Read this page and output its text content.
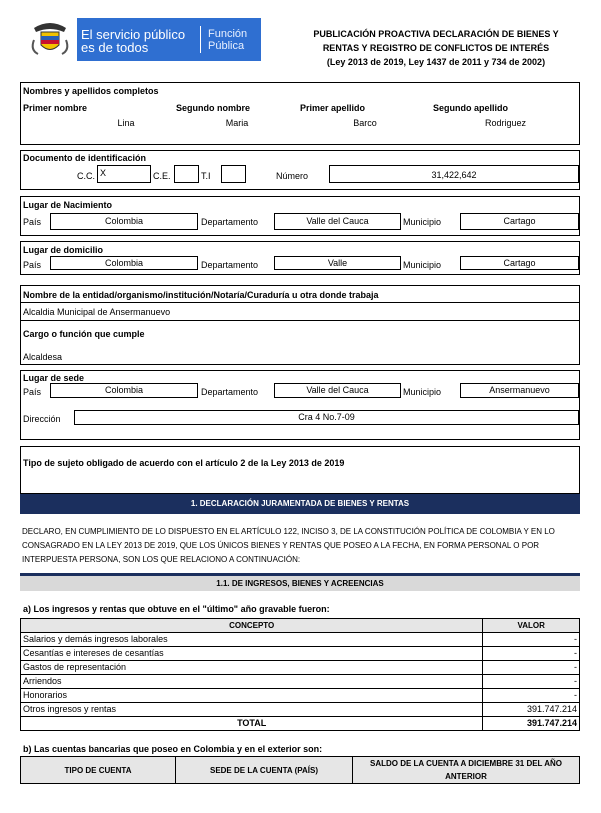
El servicio público
es de todos
Función
Pública
PUBLICACIÓN PROACTIVA DECLARACIÓN DE BIENES Y
RENTAS Y REGISTRO DE CONFLICTOS DE INTERÉS
(Ley 2013 de 2019, Ley 1437 de 2011 y 734 de 2002)
Nombres y apellidos completos
Primer nombre
Lina
Segundo nombre
Maria
Primer apellido
Barco
Segundo apellido
Rodriguez
Documento de identificación
C.C. X	C.E.	T.I	Número	31,422,642
Lugar de Nacimiento
País	Colombia	Departamento	Valle del Cauca	Municipio	Cartago
Lugar de domicilio
País	Colombia	Departamento	Valle	Municipio	Cartago
Nombre de la entidad/organismo/institución/Notaría/Curaduría u otra donde trabaja
Alcaldia Municipal de Ansermanuevo
Cargo o función que cumple
Alcaldesa
Lugar de sede
País	Colombia	Departamento	Valle del Cauca	Municipio	Ansermanuevo
Dirección	Cra 4 No.7-09
Tipo de sujeto obligado de acuerdo con el artículo 2 de la Ley 2013 de 2019
1. DECLARACIÓN JURAMENTADA DE BIENES Y RENTAS
DECLARO, EN CUMPLIMIENTO DE LO DISPUESTO EN EL ARTÍCULO 122, INCISO 3, DE LA CONSTITUCIÓN POLÍTICA DE COLOMBIA Y EN LO
CONSAGRADO EN LA LEY 2013 DE 2019, QUE LOS ÚNICOS BIENES Y RENTAS QUE POSEO A LA FECHA, EN FORMA PERSONAL O POR
INTERPUESTA PERSONA, SON LOS QUE RELACIONO A CONTINUACIÓN:
1.1. DE INGRESOS, BIENES Y ACREENCIAS
a) Los ingresos y rentas que obtuve en el "último" año gravable fueron:
CONCEPTO	VALOR
Salarios y demás ingresos laborales	-
Cesantías e intereses de cesantías	-
Gastos de representación	-
Arriendos	-
Honorarios	-
Otros ingresos y rentas	391.747.214
TOTAL	391.747.214
b) Las cuentas bancarias que poseo en Colombia y en el exterior son:
TIPO DE CUENTA	SEDE DE LA CUENTA (PAÍS)	
SALDO DE LA CUENTA A DICIEMBRE 31 DEL AÑO
ANTERIOR
